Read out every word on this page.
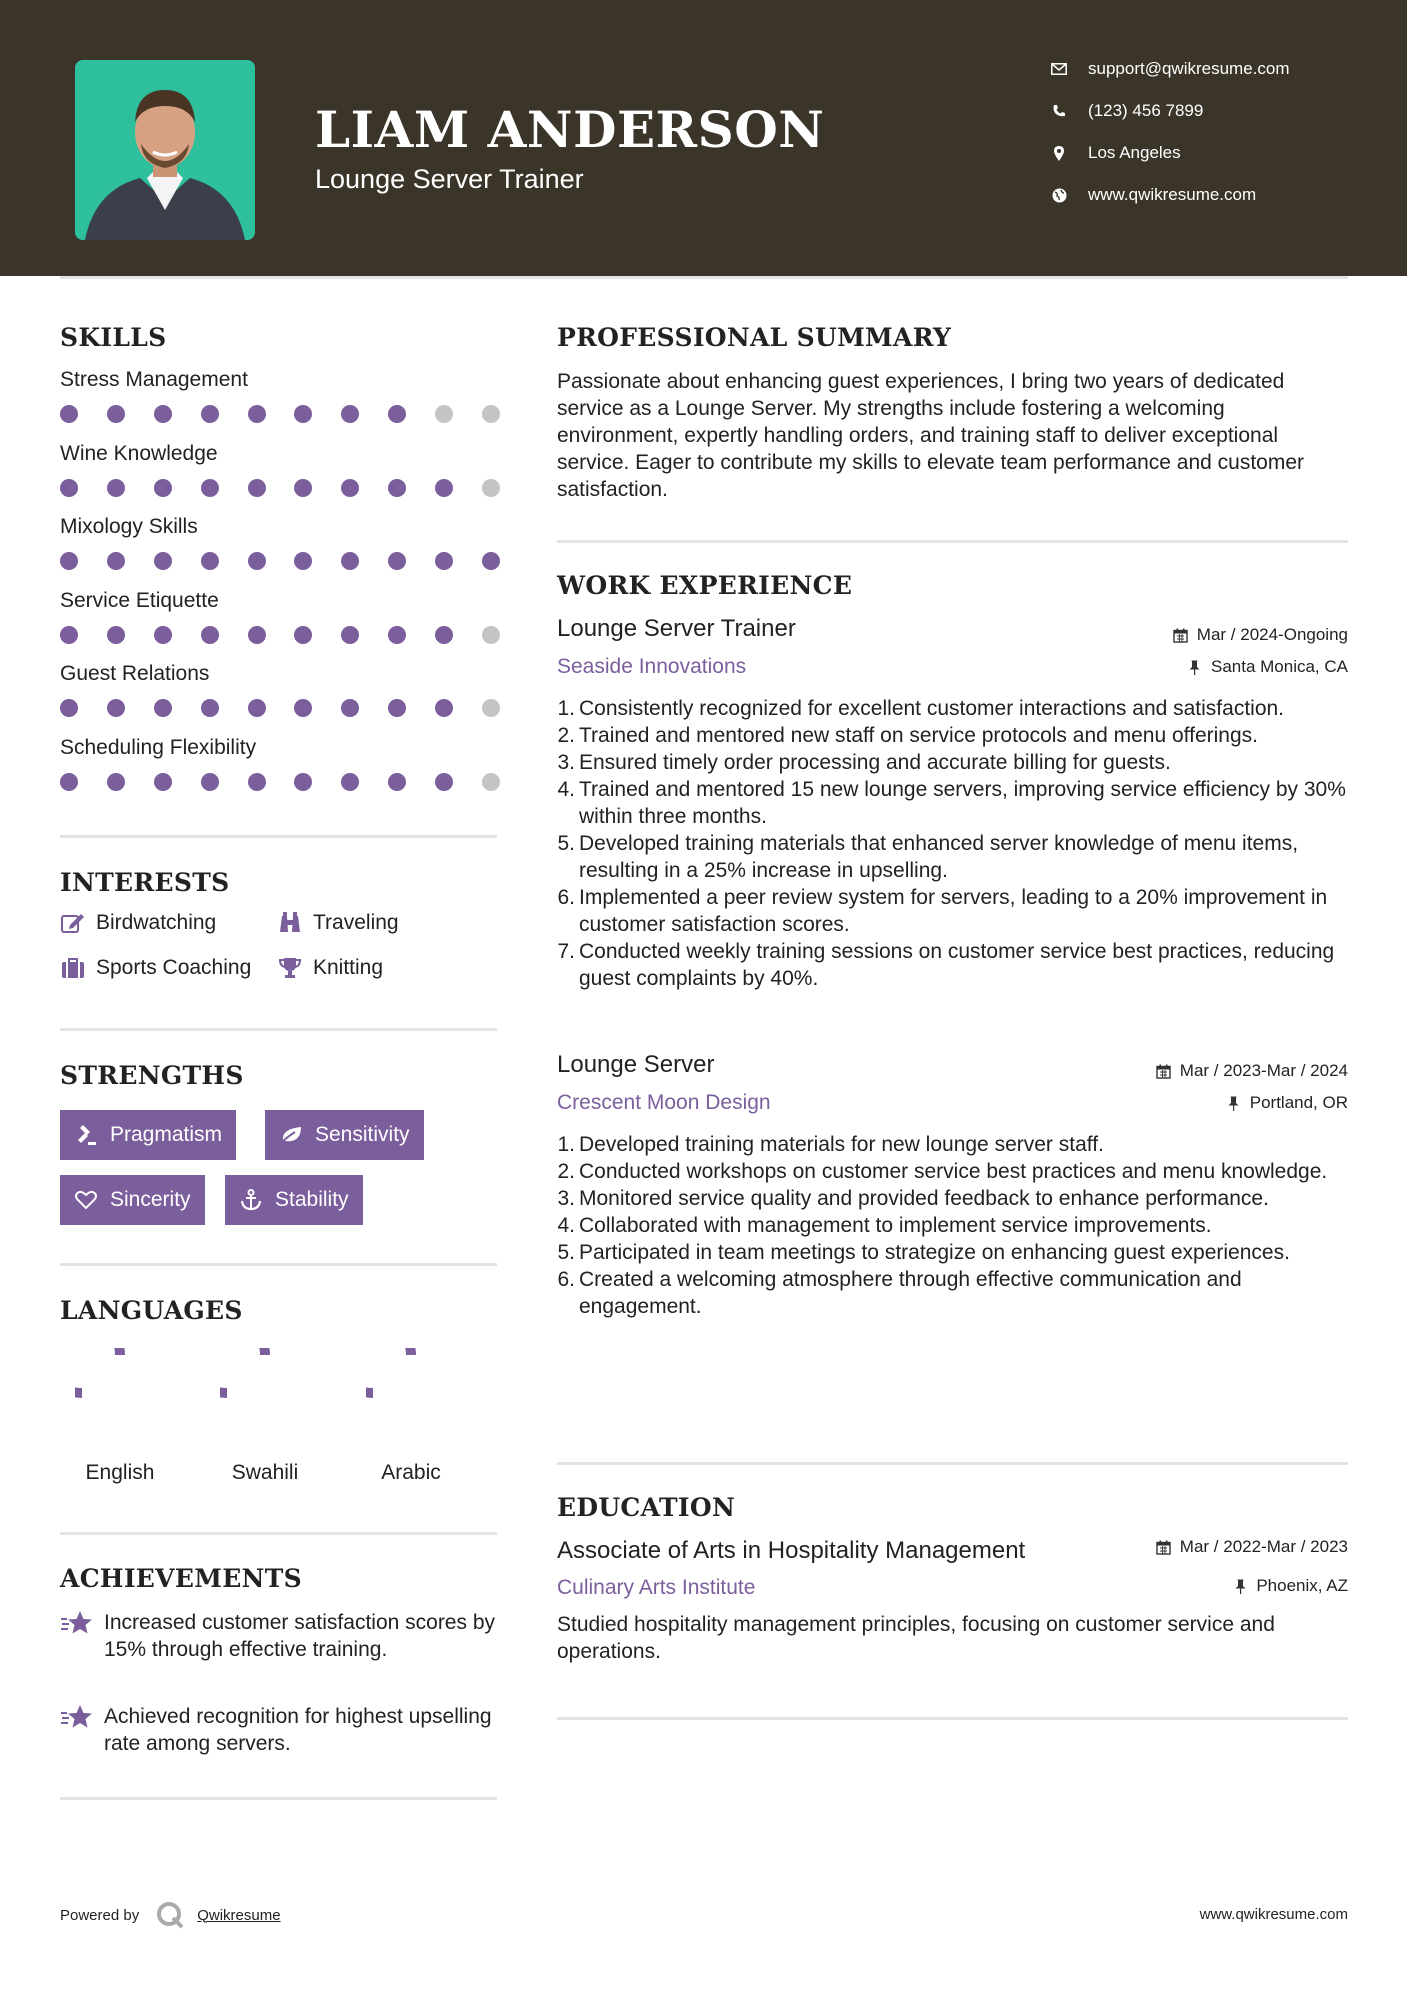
LIAM ANDERSON
Lounge Server Trainer
support@qwikresume.com
(123) 456 7899
Los Angeles
www.qwikresume.com
SKILLS
Stress Management
Wine Knowledge
Mixology Skills
Service Etiquette
Guest Relations
Scheduling Flexibility
INTERESTS
Birdwatching	Traveling
Sports Coaching	Knitting
STRENGTHS
Pragmatism	Sensitivity
Sincerity	Stability
LANGUAGES
English	Swahili	Arabic
ACHIEVEMENTS
Increased customer satisfaction scores by 15% through effective training.
Achieved recognition for highest upselling rate among servers.
PROFESSIONAL SUMMARY
Passionate about enhancing guest experiences, I bring two years of dedicated service as a Lounge Server. My strengths include fostering a welcoming environment, expertly handling orders, and training staff to deliver exceptional service. Eager to contribute my skills to elevate team performance and customer satisfaction.
WORK EXPERIENCE
Lounge Server Trainer	Mar / 2024-Ongoing
Seaside Innovations	Santa Monica, CA
1. Consistently recognized for excellent customer interactions and satisfaction.
2. Trained and mentored new staff on service protocols and menu offerings.
3. Ensured timely order processing and accurate billing for guests.
4. Trained and mentored 15 new lounge servers, improving service efficiency by 30% within three months.
5. Developed training materials that enhanced server knowledge of menu items, resulting in a 25% increase in upselling.
6. Implemented a peer review system for servers, leading to a 20% improvement in customer satisfaction scores.
7. Conducted weekly training sessions on customer service best practices, reducing guest complaints by 40%.
Lounge Server	Mar / 2023-Mar / 2024
Crescent Moon Design	Portland, OR
1. Developed training materials for new lounge server staff.
2. Conducted workshops on customer service best practices and menu knowledge.
3. Monitored service quality and provided feedback to enhance performance.
4. Collaborated with management to implement service improvements.
5. Participated in team meetings to strategize on enhancing guest experiences.
6. Created a welcoming atmosphere through effective communication and engagement.
EDUCATION
Associate of Arts in Hospitality Management	Mar / 2022-Mar / 2023
Culinary Arts Institute	Phoenix, AZ
Studied hospitality management principles, focusing on customer service and operations.
Powered by	Qwikresume	www.qwikresume.com
